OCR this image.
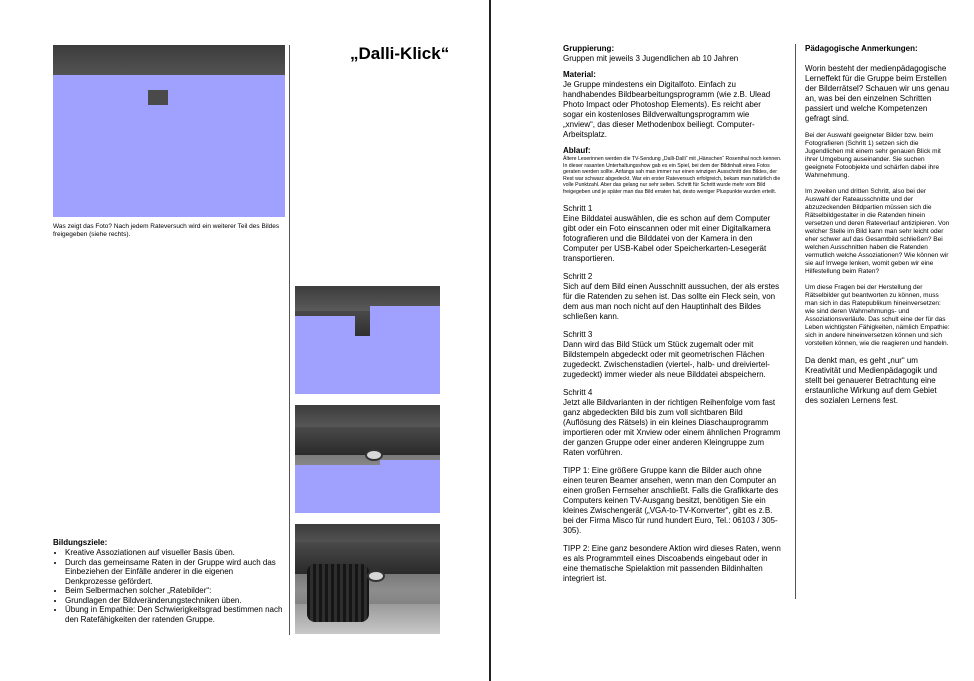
„Dalli-Klick“
Was zeigt das Foto? Nach jedem Rateversuch wird ein weiterer Teil des Bildes freigegeben (siehe rechts).
Bildungsziele:
• Kreative Assoziationen auf visueller Basis üben.
• Durch das gemeinsame Raten in der Gruppe wird auch das Einbeziehen der Einfälle anderer in die eigenen Denkprozesse gefördert.
• Beim Selbermachen solcher „Ratebilder“:
• Grundlagen der Bildveränderungstechniken üben.
• Übung in Empathie: Den Schwierigkeitsgrad bestimmen nach den Ratefähigkeiten der ratenden Gruppe.

Gruppierung:

Gruppen mit jeweils 3 Jugendlichen ab 10 Jahren

Material:

Je Gruppe mindestens ein Digitalfoto. Einfach zu handhabendes Bildbearbeitungsprogramm (wie z.B. Ulead Photo Impact oder Photoshop Elements). Es reicht aber sogar ein kostenloses Bildverwaltungsprogramm wie „xnview“, das dieser Methodenbox beiliegt. Computer-Arbeitsplatz.

Ablauf:

Ältere Leserinnen werden die TV-Sendung „Dalli-Dalli“ mit „Hänschen“ Rosenthal noch kennen. In dieser rasanten Unterhaltungsshow gab es ein Spiel, bei dem der Bildinhalt eines Fotos geraten werden sollte. Anfangs sah man immer nur einen winzigen Ausschnitt des Bildes, der Rest war schwarz abgedeckt. War ein erster Rateversuch erfolgreich, bekam man natürlich die volle Punktzahl. Aber das gelang nur sehr selten. Schritt für Schritt wurde mehr vom Bild freigegeben und je später man das Bild erraten hat, desto weniger Pluspunkte wurden erteilt.

Schritt 1

Eine Bilddatei auswählen, die es schon auf dem Computer gibt oder ein Foto einscannen oder mit einer Digitalkamera fotografieren und die Bilddatei von der Kamera in den Computer per USB-Kabel oder Speicherkarten-Lesegerät transportieren.

Schritt 2

Sich auf dem Bild einen Ausschnitt aussuchen, der als erstes für die Ratenden zu sehen ist. Das sollte ein Fleck sein, von dem aus man noch nicht auf den Hauptinhalt des Bildes schließen kann.

Schritt 3

Dann wird das Bild Stück um Stück zugemalt oder mit Bildstempeln abgedeckt oder mit geometrischen Flächen zugedeckt. Zwischenstadien (viertel-, halb- und dreiviertel-zugedeckt) immer wieder als neue Bilddatei abspeichern.

Schritt 4

Jetzt alle Bildvarianten in der richtigen Reihenfolge vom fast ganz abgedeckten Bild bis zum voll sichtbaren Bild (Auflösung des Rätsels) in ein kleines Diaschauprogramm importieren oder mit Xnview oder einem ähnlichen Programm der ganzen Gruppe oder einer anderen Kleingruppe zum Raten vorführen.

TIPP 1: Eine größere Gruppe kann die Bilder auch ohne einen teuren Beamer ansehen, wenn man den Computer an einen großen Fernseher anschließt. Falls die Grafikkarte des Computers keinen TV-Ausgang besitzt, benötigen Sie ein kleines Zwischengerät („VGA-to-TV-Konverter“, gibt es z.B. bei der Firma Misco für rund hundert Euro, Tel.: 06103 / 305-305).

TIPP 2: Eine ganz besondere Aktion wird dieses Raten, wenn es als Programmteil eines Discoabends eingebaut oder in eine thematische Spielaktion mit passenden Bildinhalten integriert ist.

Pädagogische Anmerkungen:

Worin besteht der medienpädagogische Lerneffekt für die Gruppe beim Erstellen der Bilderrätsel? Schauen wir uns genau an, was bei den einzelnen Schritten passiert und welche Kompetenzen gefragt sind.

Bei der Auswahl geeigneter Bilder bzw. beim Fotografieren (Schritt 1) setzen sich die Jugendlichen mit einem sehr genauen Blick mit ihrer Umgebung auseinander. Sie suchen geeignete Fotoobjekte und schärfen dabei ihre Wahrnehmung.

Im zweiten und dritten Schritt, also bei der Auswahl der Rateausschnitte und der abzuzeckenden Bildpartien müssen sich die Rätselbildgestalter in die Ratenden hinein versetzen und deren Rateverlauf antizipieren. Von welcher Stelle im Bild kann man sehr leicht oder eher schwer auf das Gesamtbild schließen? Bei welchen Ausschnitten haben die Ratenden vermutlich welche Assoziationen? Wie können wir sie auf Irrwege lenken, womit geben wir eine Hilfestellung beim Raten?

Um diese Fragen bei der Herstellung der Rätselbilder gut beantworten zu können, muss man sich in das Ratepublikum hineinversetzen: wie sind deren Wahrnehmungs- und Assoziationsverläufe. Das schult eine der für das Leben wichtigsten Fähigkeiten, nämlich Empathie: sich in andere hineinversetzen können und sich vorstellen können, wie die reagieren und handeln.

Da denkt man, es geht „nur“ um Kreativität und Medienpädagogik und stellt bei genauerer Betrachtung eine erstaunliche Wirkung auf dem Gebiet des sozialen Lernens fest.
